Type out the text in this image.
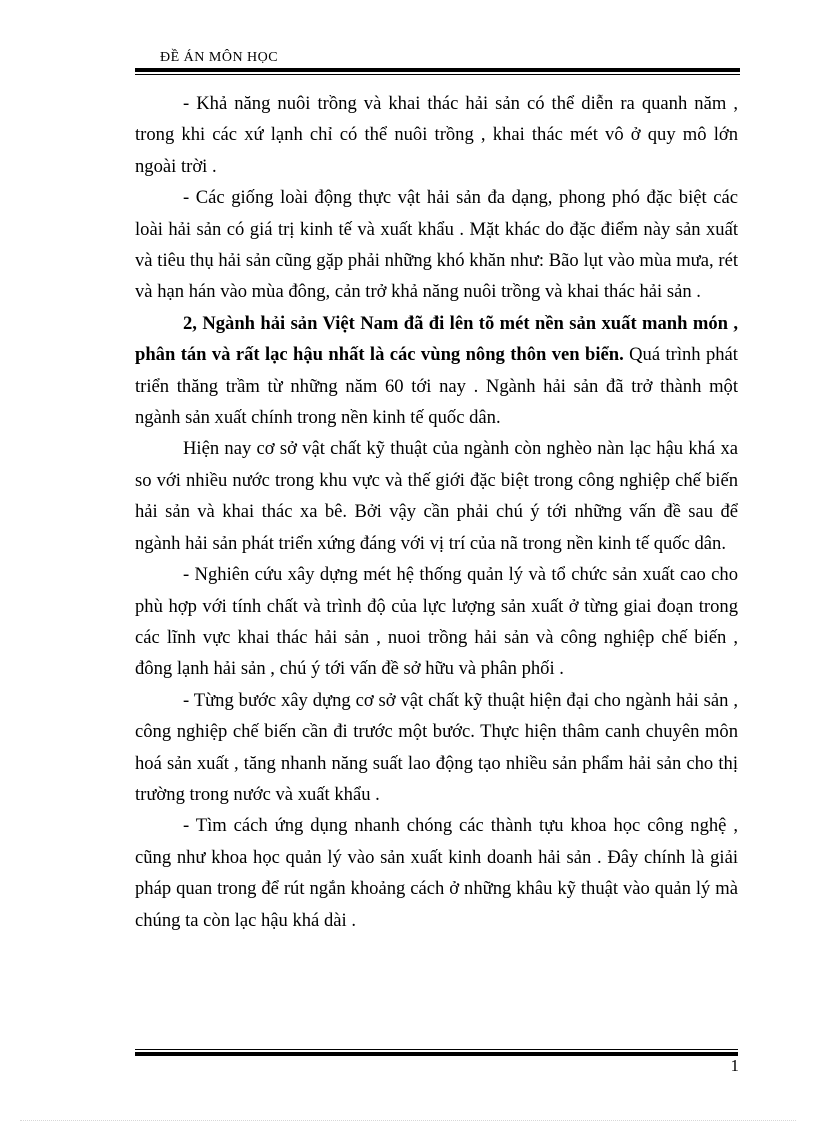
ĐỀ ÁN MÔN HỌC

- Khả năng nuôi trồng và khai thác hải sản có thể diễn ra quanh năm , trong khi các xứ lạnh chỉ có thể nuôi trồng , khai thác mét vô ở quy mô lớn ngoài trời .

- Các giống loài động thực vật hải sản đa dạng, phong phó đặc biệt các loài hải sản có giá trị kinh tế và xuất khẩu . Mặt khác do đặc điểm này sản xuất và tiêu thụ hải sản cũng gặp phải những khó khăn như: Bão lụt vào mùa mưa, rét và hạn hán vào mùa đông, cản trở khả năng nuôi trồng và khai thác hải sản .

2, Ngành hải sản Việt Nam đã đi lên tõ mét nền sản xuất manh món , phân tán và rất lạc hậu nhất là các vùng nông thôn ven biển. Quá trình phát triển thăng trầm từ những năm 60 tới nay . Ngành hải sản đã trở thành một ngành sản xuất chính trong nền kinh tế quốc dân.

Hiện nay cơ sở vật chất kỹ thuật của ngành còn nghèo nàn lạc hậu khá xa so với nhiều nước trong khu vực và thế giới đặc biệt trong công nghiệp chế biến hải sản và khai thác xa bê. Bởi vậy cần phải chú ý tới những vấn đề sau để ngành hải sản phát triển xứng đáng với vị trí của nã trong nền kinh tế quốc dân.

- Nghiên cứu xây dựng mét hệ thống quản lý và tổ chức sản xuất cao cho phù hợp với tính chất và trình độ của lực lượng sản xuất ở từng giai đoạn trong các lĩnh vực khai thác hải sản , nuoi trồng hải sản và công nghiệp chế biến , đông lạnh hải sản , chú ý tới vấn đề sở hữu và phân phối .

- Từng bước xây dựng cơ sở vật chất kỹ thuật hiện đại cho ngành hải sản , công nghiệp chế biến cần đi trước một bước. Thực hiện thâm canh chuyên môn hoá sản xuất , tăng nhanh năng suất lao động tạo nhiều sản phẩm hải sản cho thị trường trong nước và xuất khẩu .

- Tìm cách ứng dụng nhanh chóng các thành tựu khoa học công nghệ , cũng như khoa học quản lý vào sản xuất kinh doanh hải sản . Đây chính là giải pháp quan trong để rút ngắn khoảng cách ở những khâu kỹ thuật vào quản lý mà chúng ta còn lạc hậu khá dài .

1
